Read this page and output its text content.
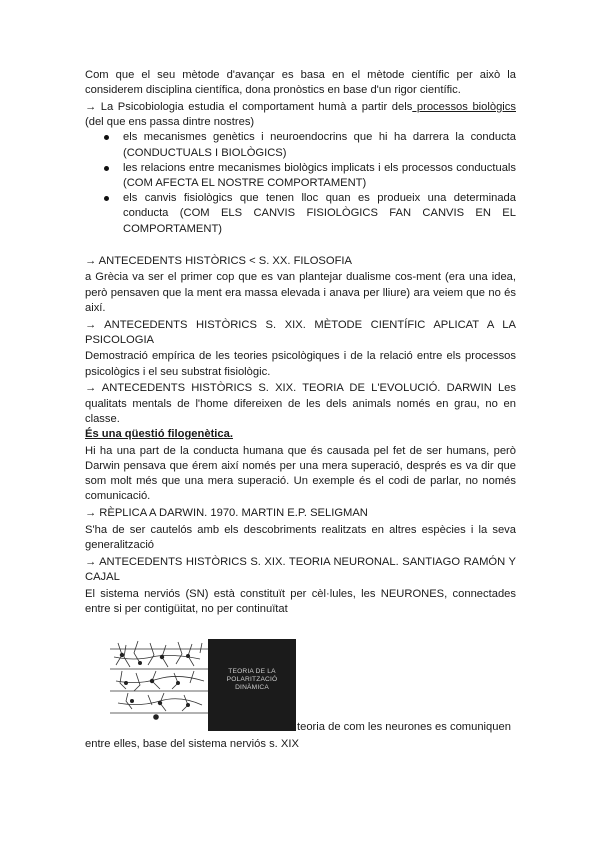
Com que el seu mètode d'avançar es basa en el mètode científic per això la considerem disciplina científica, dona pronòstics en base d'un rigor científic.

→ La Psicobiologia estudia el comportament humà a partir dels processos biològics (del que ens passa dintre nostres)

els mecanismes genètics i neuroendocrins que hi ha darrera la conducta (CONDUCTUALS I BIOLÒGICS)
les relacions entre mecanismes biològics implicats i els processos conductuals (COM AFECTA EL NOSTRE COMPORTAMENT)
els canvis fisiològics que tenen lloc quan es produeix una determinada conducta (COM ELS CANVIS FISIOLÒGICS FAN CANVIS EN EL COMPORTAMENT)

→ ANTECEDENTS HISTÒRICS < S. XX. FILOSOFIA

a Grècia va ser el primer cop que es van plantejar dualisme cos-ment (era una idea, però pensaven que la ment era massa elevada i anava per lliure) ara veiem que no és així.

→ ANTECEDENTS HISTÒRICS S. XIX. MÈTODE CIENTÍFIC APLICAT A LA PSICOLOGIA

Demostració empírica de les teories psicològiques i de la relació entre els processos psicològics i el seu substrat fisiològic.

→ ANTECEDENTS HISTÒRICS S. XIX. TEORIA DE L'EVOLUCIÓ. DARWIN Les qualitats mentals de l'home difereixen de les dels animals només en grau, no en classe.

És una qüestió filogenètica.

Hi ha una part de la conducta humana que és causada pel fet de ser humans, però Darwin pensava que érem així només per una mera superació, després es va dir que som molt més que una mera superació. Un exemple és el codi de parlar, no només comunicació.

→ RÈPLICA A DARWIN. 1970. MARTIN E.P. SELIGMAN

S'ha de ser cautelós amb els descobriments realitzats en altres espècies i la seva generalització

→ ANTECEDENTS HISTÒRICS S. XIX. TEORIA NEURONAL. SANTIAGO RAMÓN Y CAJAL

El sistema nerviós (SN) està constituït per cèl·lules, les NEURONES, connectades entre si per contigüitat, no per continuïtat

TEORIA DE LA
POLARITZACIÓ
DINÀMICA

teoria de com les neurones es comuniquen

entre elles, base del sistema nerviós s. XIX
